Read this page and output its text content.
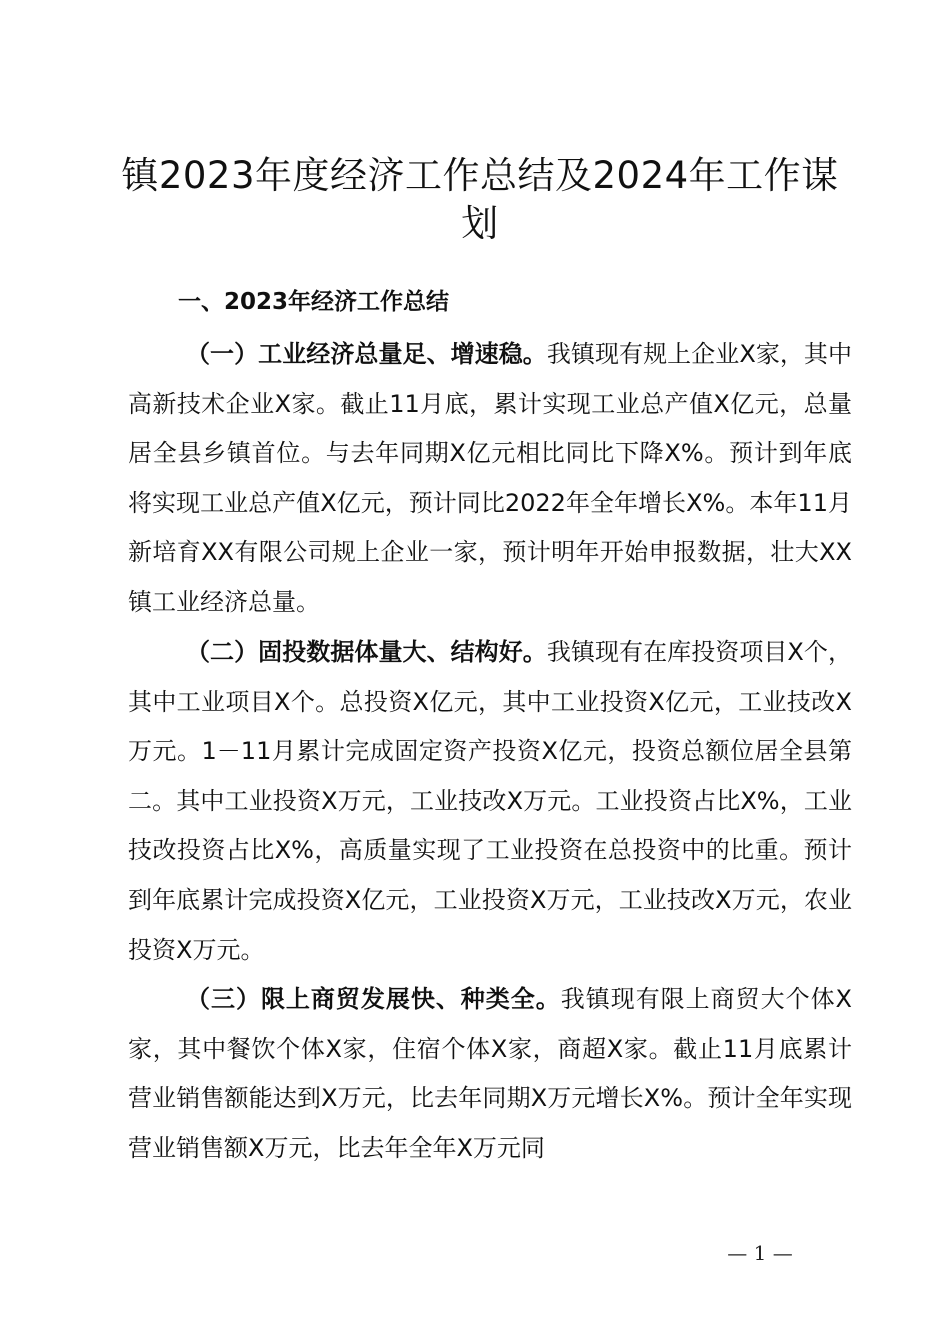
镇2023年度经济工作总结及2024年工作谋划
一、2023年经济工作总结

（一）工业经济总量足、增速稳。我镇现有规上企业X家，其中高新技术企业X家。截止11月底，累计实现工业总产值X亿元，总量居全县乡镇首位。与去年同期X亿元相比同比下降X%。预计到年底将实现工业总产值X亿元，预计同比2022年全年增长X%。本年11月新培育XX有限公司规上企业一家，预计明年开始申报数据，壮大XX镇工业经济总量。

（二）固投数据体量大、结构好。我镇现有在库投资项目X个，其中工业项目X个。总投资X亿元，其中工业投资X亿元，工业技改X万元。1－11月累计完成固定资产投资X亿元，投资总额位居全县第二。其中工业投资X万元，工业技改X万元。工业投资占比X%，工业技改投资占比X%，高质量实现了工业投资在总投资中的比重。预计到年底累计完成投资X亿元，工业投资X万元，工业技改X万元，农业投资X万元。

（三）限上商贸发展快、种类全。我镇现有限上商贸大个体X家，其中餐饮个体X家，住宿个体X家，商超X家。截止11月底累计营业销售额能达到X万元，比去年同期X万元增长X%。预计全年实现营业销售额X万元，比去年全年X万元同

— 1 —
